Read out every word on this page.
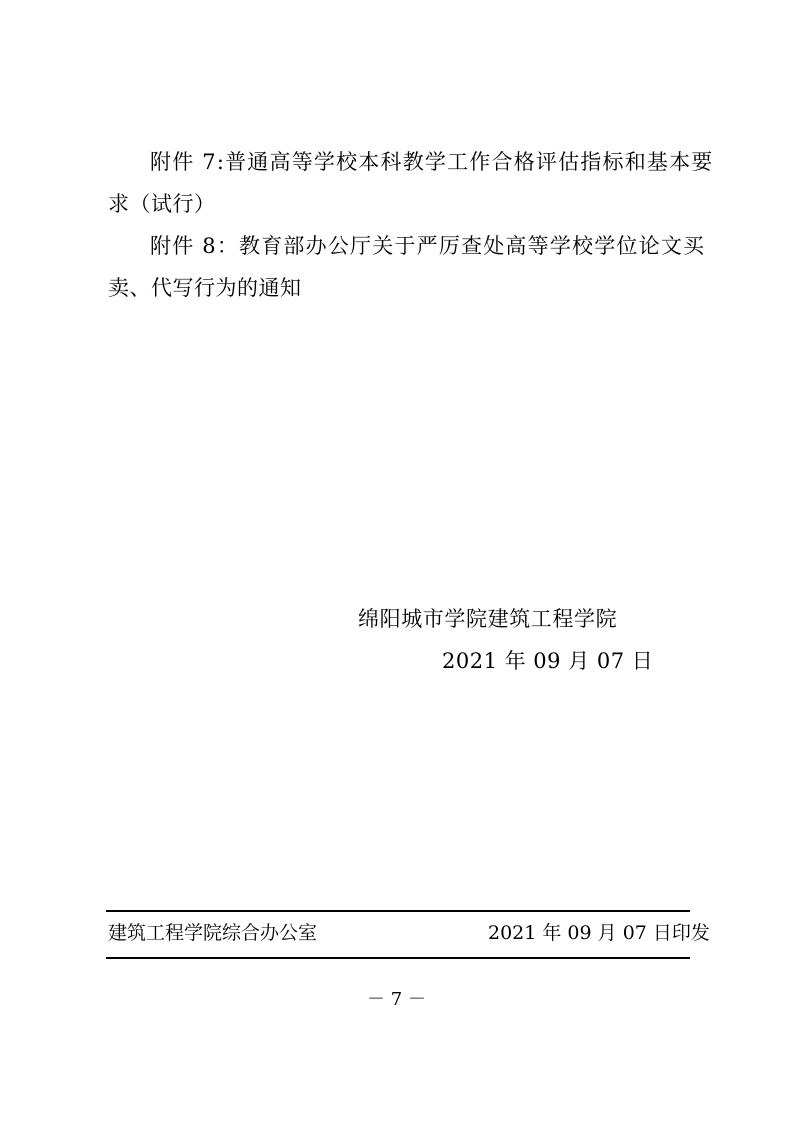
附件 7:普通高等学校本科教学工作合格评估指标和基本要
求（试行）
附件 8：教育部办公厅关于严厉查处高等学校学位论文买
卖、代写行为的通知
绵阳城市学院建筑工程学院
2021 年 09 月 07 日
建筑工程学院综合办公室	2021 年 09 月 07 日印发
－ 7 －
